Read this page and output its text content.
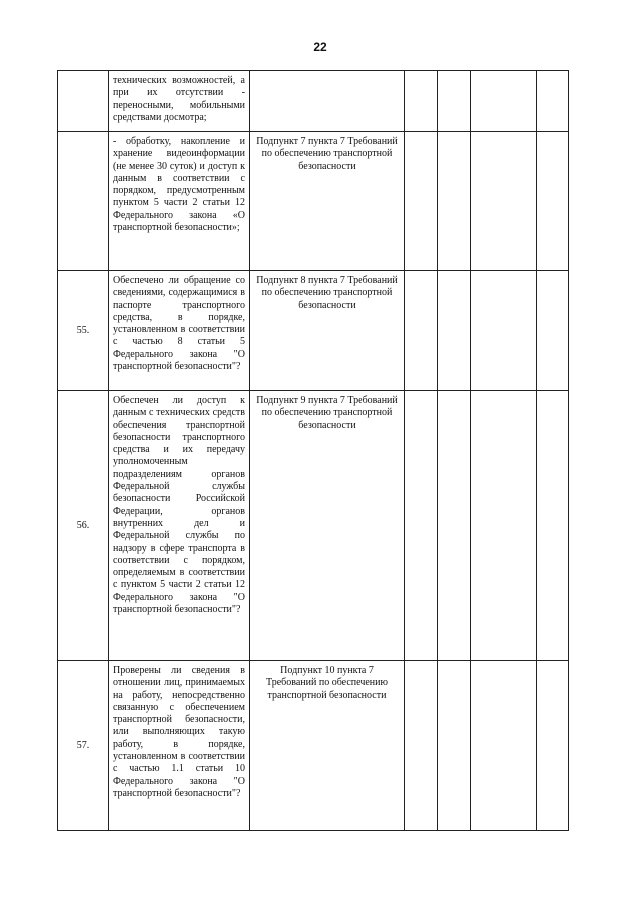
22
	технических возможностей, а при их отсутствии - переносными, мобильными средствами досмотра;					
	- обработку, накопление и хранение видеоинформации (не менее 30 суток) и доступ к данным в соответствии с порядком, предусмотренным пунктом 5 части 2 статьи 12 Федерального закона «О транспортной безопасности»;	Подпункт 7 пункта 7 Требований по обеспечению транспортной безопасности				
55.	Обеспечено ли обращение со сведениями, содержащимися в паспорте транспортного средства, в порядке, установленном в соответствии с частью 8 статьи 5 Федерального закона "О транспортной безопасности"?	Подпункт 8 пункта 7 Требований по обеспечению транспортной безопасности				
56.	Обеспечен ли доступ к данным с технических средств обеспечения транспортной безопасности транспортного средства и их передачу уполномоченным подразделениям органов Федеральной службы безопасности Российской Федерации, органов внутренних дел и Федеральной службы по надзору в сфере транспорта в соответствии с порядком, определяемым в соответствии с пунктом 5 части 2 статьи 12 Федерального закона "О транспортной безопасности"?	Подпункт 9 пункта 7 Требований по обеспечению транспортной безопасности				
57.	Проверены ли сведения в отношении лиц, принимаемых на работу, непосредственно связанную с обеспечением транспортной безопасности, или выполняющих такую работу, в порядке, установленном в соответствии с частью 1.1 статьи 10 Федерального закона "О транспортной безопасности"?	Подпункт 10 пункта 7 Требований по обеспечению транспортной безопасности				
